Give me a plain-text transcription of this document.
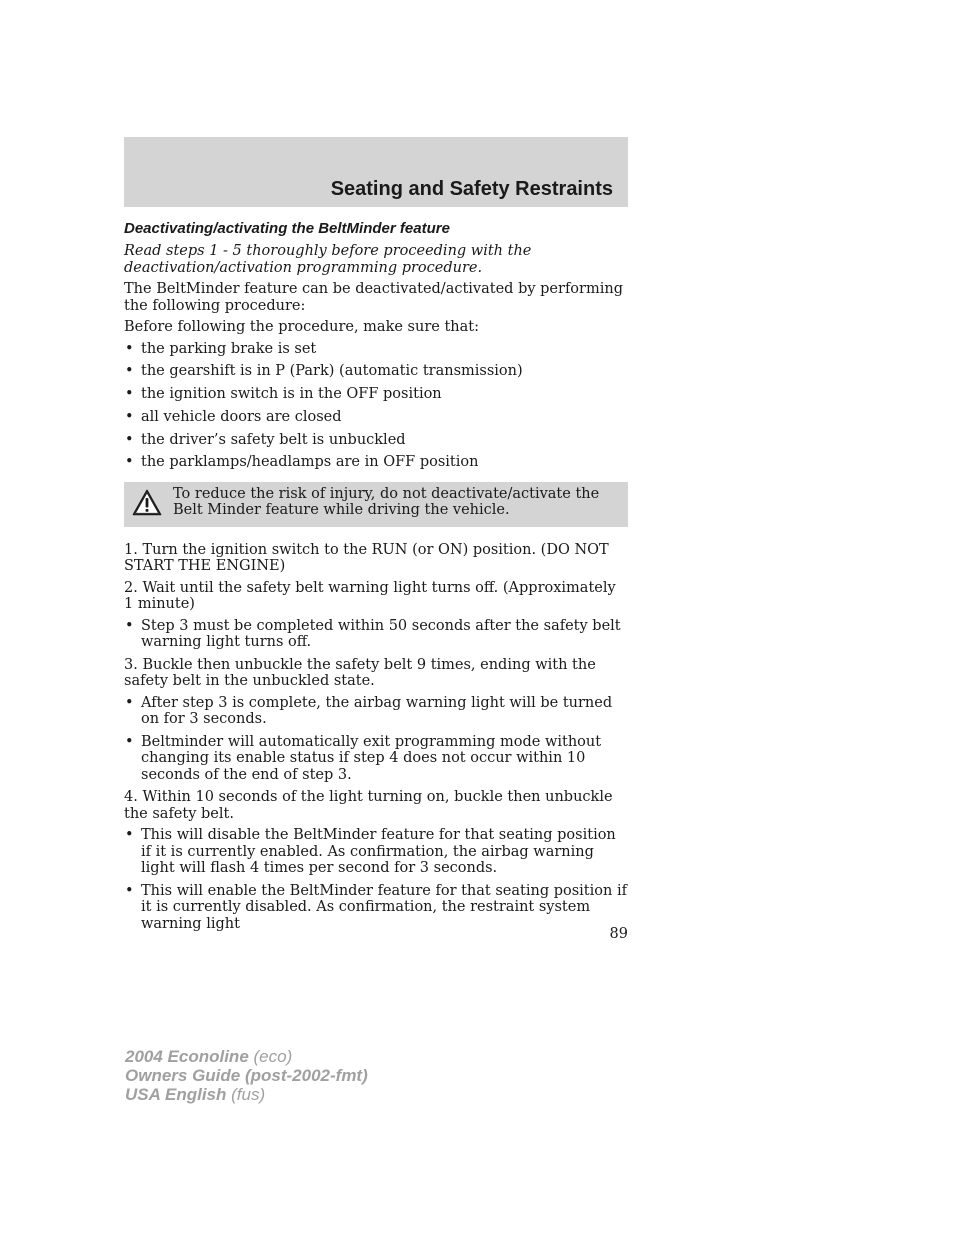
Seating and Safety Restraints
Deactivating/activating the BeltMinder feature

Read steps 1 - 5 thoroughly before proceeding with the deactivation/activation programming procedure.

The BeltMinder feature can be deactivated/activated by performing the following procedure:

Before following the procedure, make sure that:

• the parking brake is set
• the gearshift is in P (Park) (automatic transmission)
• the ignition switch is in the OFF position
• all vehicle doors are closed
• the driver’s safety belt is unbuckled
• the parklamps/headlamps are in OFF position
To reduce the risk of injury, do not deactivate/activate the Belt Minder feature while driving the vehicle.

1. Turn the ignition switch to the RUN (or ON) position. (DO NOT START THE ENGINE)

2. Wait until the safety belt warning light turns off. (Approximately 1 minute)

• Step 3 must be completed within 50 seconds after the safety belt warning light turns off.

3. Buckle then unbuckle the safety belt 9 times, ending with the safety belt in the unbuckled state.

• After step 3 is complete, the airbag warning light will be turned on for 3 seconds.
• Beltminder will automatically exit programming mode without changing its enable status if step 4 does not occur within 10 seconds of the end of step 3.

4. Within 10 seconds of the light turning on, buckle then unbuckle the safety belt.

• This will disable the BeltMinder feature for that seating position if it is currently enabled. As confirmation, the airbag warning light will flash 4 times per second for 3 seconds.
• This will enable the BeltMinder feature for that seating position if it is currently disabled. As confirmation, the restraint system warning light
89
2004 Econoline (eco)
Owners Guide (post-2002-fmt)
USA English (fus)
